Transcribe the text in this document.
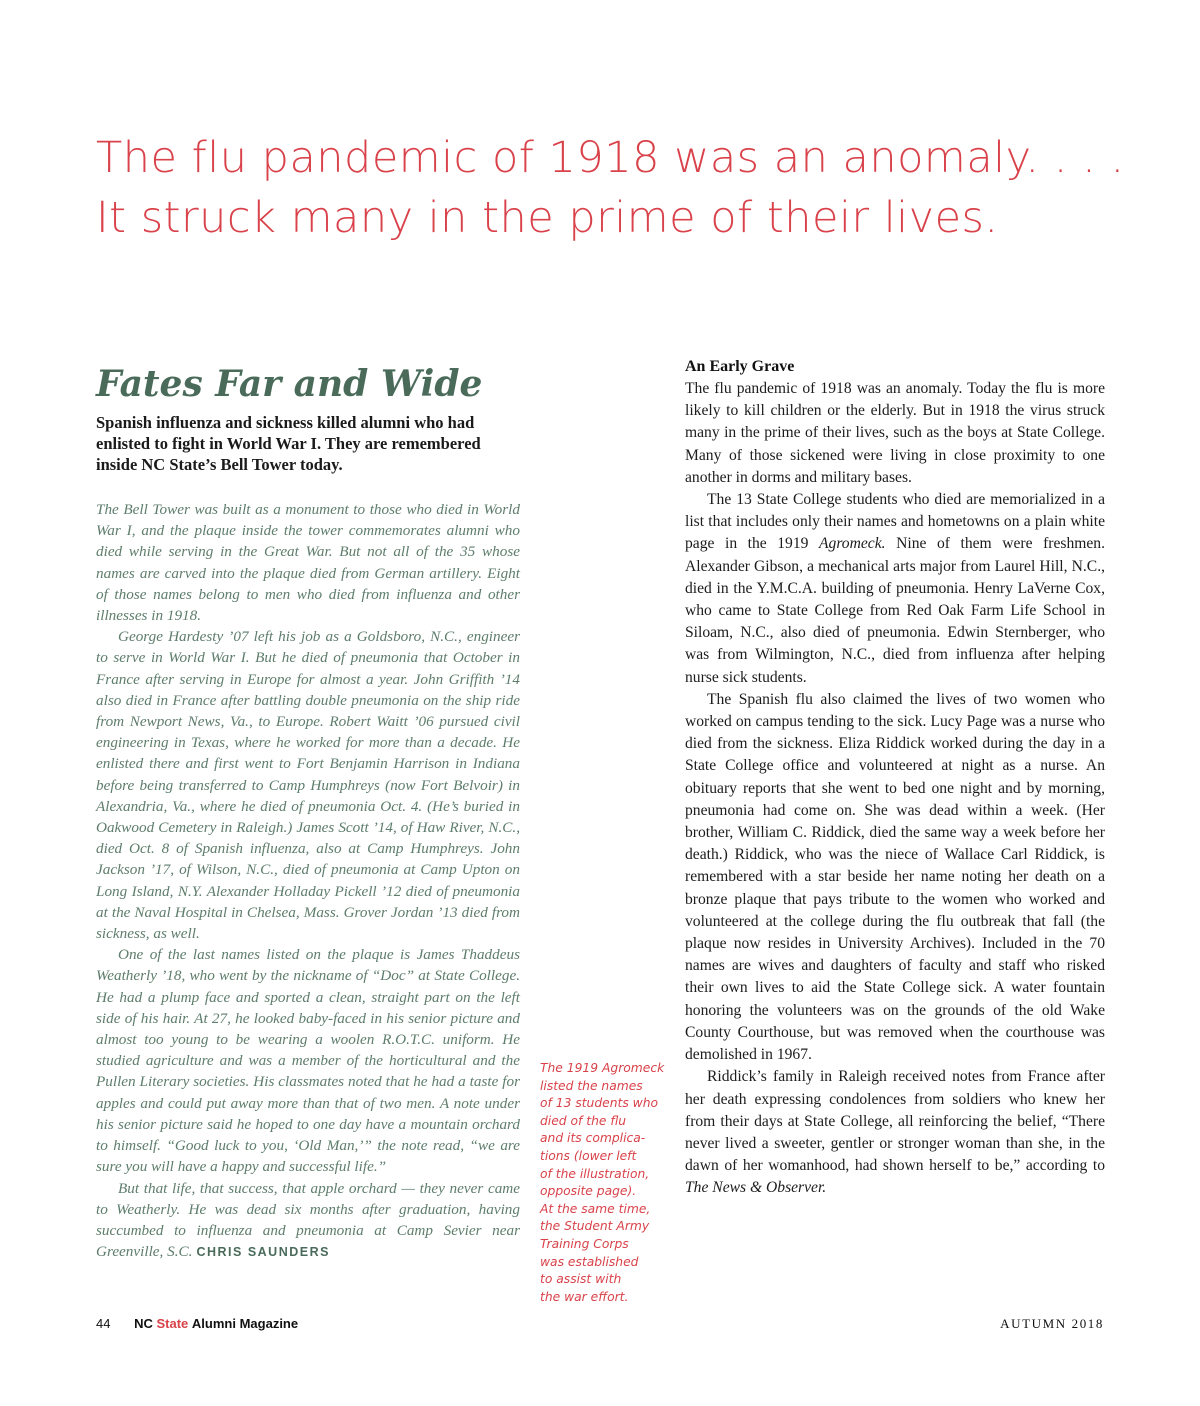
The flu pandemic of 1918 was an anomaly. . . .
It struck many in the prime of their lives.
Fates Far and Wide
Spanish influenza and sickness killed alumni who had
enlisted to fight in World War I. They are remembered
inside NC State’s Bell Tower today.

The Bell Tower was built as a monument to those who died in World War I, and the plaque inside the tower commemorates alumni who died while serving in the Great War. But not all of the 35 whose names are carved into the plaque died from German artillery. Eight of those names belong to men who died from influenza and other illnesses in 1918.

George Hardesty ’07 left his job as a Goldsboro, N.C., engineer to serve in World War I. But he died of pneumonia that October in France after serving in Europe for almost a year. John Griffith ’14 also died in France after battling double pneumonia on the ship ride from Newport News, Va., to Europe. Robert Waitt ’06 pursued civil engineering in Texas, where he worked for more than a decade. He enlisted there and first went to Fort Benjamin Harrison in Indiana before being transferred to Camp Humphreys (now Fort Belvoir) in Alexandria, Va., where he died of pneumonia Oct. 4. (He’s buried in Oakwood Cemetery in Raleigh.) James Scott ’14, of Haw River, N.C., died Oct. 8 of Spanish influenza, also at Camp Humphreys. John Jackson ’17, of Wilson, N.C., died of pneumonia at Camp Upton on Long Island, N.Y. Alexander Holladay Pickell ’12 died of pneumonia at the Naval Hospital in Chelsea, Mass. Grover Jordan ’13 died from sickness, as well.

One of the last names listed on the plaque is James Thaddeus Weatherly ’18, who went by the nickname of “Doc” at State College. He had a plump face and sported a clean, straight part on the left side of his hair. At 27, he looked baby-faced in his senior picture and almost too young to be wearing a woolen R.O.T.C. uniform. He studied agriculture and was a member of the horticultural and the Pullen Literary societies. His classmates noted that he had a taste for apples and could put away more than that of two men. A note under his senior picture said he hoped to one day have a mountain orchard to himself. “Good luck to you, ‘Old Man,’” the note read, “we are sure you will have a happy and successful life.”

But that life, that success, that apple orchard — they never came to Weatherly. He was dead six months after graduation, having succumbed to influenza and pneumonia at Camp Sevier near Greenville, S.C. CHRIS SAUNDERS

The 1919 Agromeck
listed the names
of 13 students who
died of the flu
and its complica-
tions (lower left
of the illustration,
opposite page).
At the same time,
the Student Army
Training Corps
was established
to assist with
the war effort.
An Early Grave

The flu pandemic of 1918 was an anomaly. Today the flu is more likely to kill children or the elderly. But in 1918 the virus struck many in the prime of their lives, such as the boys at State College. Many of those sickened were living in close proximity to one another in dorms and military bases.

The 13 State College students who died are memorialized in a list that includes only their names and hometowns on a plain white page in the 1919 Agromeck. Nine of them were freshmen. Alexander Gibson, a mechanical arts major from Laurel Hill, N.C., died in the Y.M.C.A. building of pneumonia. Henry LaVerne Cox, who came to State College from Red Oak Farm Life School in Siloam, N.C., also died of pneumonia. Edwin Sternberger, who was from Wilmington, N.C., died from influenza after helping nurse sick students.

The Spanish flu also claimed the lives of two women who worked on campus tending to the sick. Lucy Page was a nurse who died from the sickness. Eliza Riddick worked during the day in a State College office and volunteered at night as a nurse. An obituary reports that she went to bed one night and by morning, pneumonia had come on. She was dead within a week. (Her brother, William C. Riddick, died the same way a week before her death.) Riddick, who was the niece of Wallace Carl Riddick, is remembered with a star beside her name noting her death on a bronze plaque that pays tribute to the women who worked and volunteered at the college during the flu outbreak that fall (the plaque now resides in University Archives). Included in the 70 names are wives and daughters of faculty and staff who risked their own lives to aid the State College sick. A water fountain honoring the volunteers was on the grounds of the old Wake County Courthouse, but was removed when the courthouse was demolished in 1967.

Riddick’s family in Raleigh received notes from France after her death expressing condolences from soldiers who knew her from their days at State College, all reinforcing the belief, “There never lived a sweeter, gentler or stronger woman than she, in the dawn of her womanhood, had shown herself to be,” according to The News & Observer.

44 NC State Alumni Magazine	AUTUMN 2018
